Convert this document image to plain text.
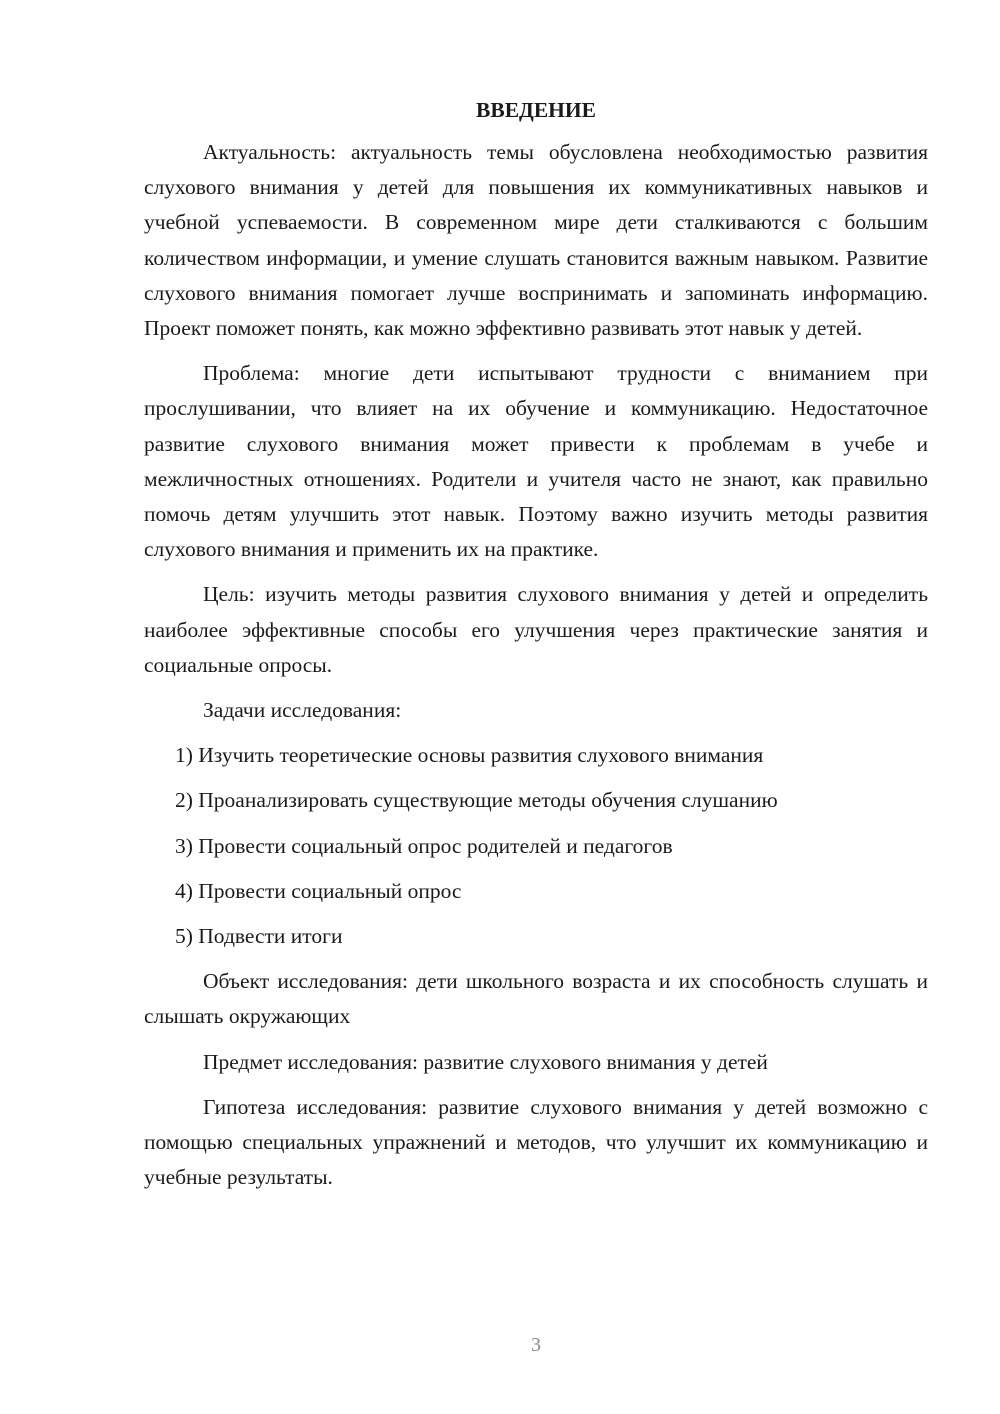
ВВЕДЕНИЕ

Актуальность: актуальность темы обусловлена необходимостью развития слухового внимания у детей для повышения их коммуникативных навыков и учебной успеваемости. В современном мире дети сталкиваются с большим количеством информации, и умение слушать становится важным навыком. Развитие слухового внимания помогает лучше воспринимать и запоминать информацию. Проект поможет понять, как можно эффективно развивать этот навык у детей.

Проблема: многие дети испытывают трудности с вниманием при прослушивании, что влияет на их обучение и коммуникацию. Недостаточное развитие слухового внимания может привести к проблемам в учебе и межличностных отношениях. Родители и учителя часто не знают, как правильно помочь детям улучшить этот навык. Поэтому важно изучить методы развития слухового внимания и применить их на практике.

Цель: изучить методы развития слухового внимания у детей и определить наиболее эффективные способы его улучшения через практические занятия и социальные опросы.

Задачи исследования:

1) Изучить теоретические основы развития слухового внимания
2) Проанализировать существующие методы обучения слушанию
3) Провести социальный опрос родителей и педагогов
4) Провести социальный опрос
5) Подвести итоги

Объект исследования: дети школьного возраста и их способность слушать и слышать окружающих

Предмет исследования: развитие слухового внимания у детей

Гипотеза исследования: развитие слухового внимания у детей возможно с помощью специальных упражнений и методов, что улучшит их коммуникацию и учебные результаты.

3
